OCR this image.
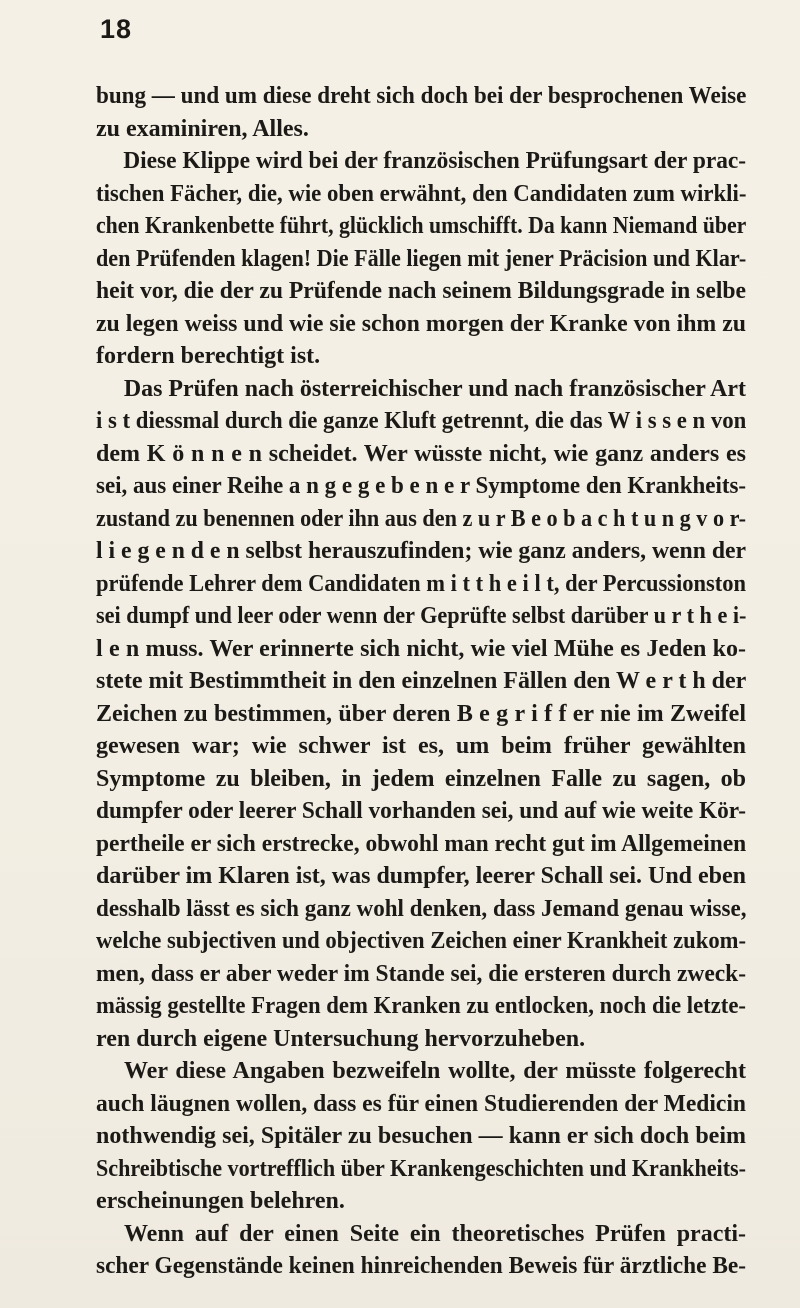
18
bung — und um diese dreht sich doch bei der besprochenen Weise
zu examiniren, Alles.
Diese Klippe wird bei der französischen Prüfungsart der prac-
tischen Fächer, die, wie oben erwähnt, den Candidaten zum wirkli-
chen Krankenbette führt, glücklich umschifft. Da kann Niemand über
den Prüfenden klagen! Die Fälle liegen mit jener Präcision und Klar-
heit vor, die der zu Prüfende nach seinem Bildungsgrade in selbe
zu legen weiss und wie sie schon morgen der Kranke von ihm zu
fordern berechtigt ist.
Das Prüfen nach österreichischer und nach französischer Art
i s t diessmal durch die ganze Kluft getrennt, die das W i s s e n von
dem K ö n n e n scheidet. Wer wüsste nicht, wie ganz anders es
sei, aus einer Reihe a n g e g e b e n e r Symptome den Krankheits-
zustand zu benennen oder ihn aus den z u r B e o b a c h t u n g v o r-
l i e g e n d e n selbst herauszufinden; wie ganz anders, wenn der
prüfende Lehrer dem Candidaten m i t t h e i l t, der Percussionston
sei dumpf und leer oder wenn der Geprüfte selbst darüber u r t h e i-
l e n muss. Wer erinnerte sich nicht, wie viel Mühe es Jeden ko-
stete mit Bestimmtheit in den einzelnen Fällen den W e r t h der
Zeichen zu bestimmen, über deren B e g r i f f er nie im Zweifel
gewesen war; wie schwer ist es, um beim früher gewählten
Symptome zu bleiben, in jedem einzelnen Falle zu sagen, ob
dumpfer oder leerer Schall vorhanden sei, und auf wie weite Kör-
pertheile er sich erstrecke, obwohl man recht gut im Allgemeinen
darüber im Klaren ist, was dumpfer, leerer Schall sei. Und eben
desshalb lässt es sich ganz wohl denken, dass Jemand genau wisse,
welche subjectiven und objectiven Zeichen einer Krankheit zukom-
men, dass er aber weder im Stande sei, die ersteren durch zweck-
mässig gestellte Fragen dem Kranken zu entlocken, noch die letzte-
ren durch eigene Untersuchung hervorzuheben.
Wer diese Angaben bezweifeln wollte, der müsste folgerecht
auch läugnen wollen, dass es für einen Studierenden der Medicin
nothwendig sei, Spitäler zu besuchen — kann er sich doch beim
Schreibtische vortrefflich über Krankengeschichten und Krankheits-
erscheinungen belehren.
Wenn auf der einen Seite ein theoretisches Prüfen practi-
scher Gegenstände keinen hinreichenden Beweis für ärztliche Be-
